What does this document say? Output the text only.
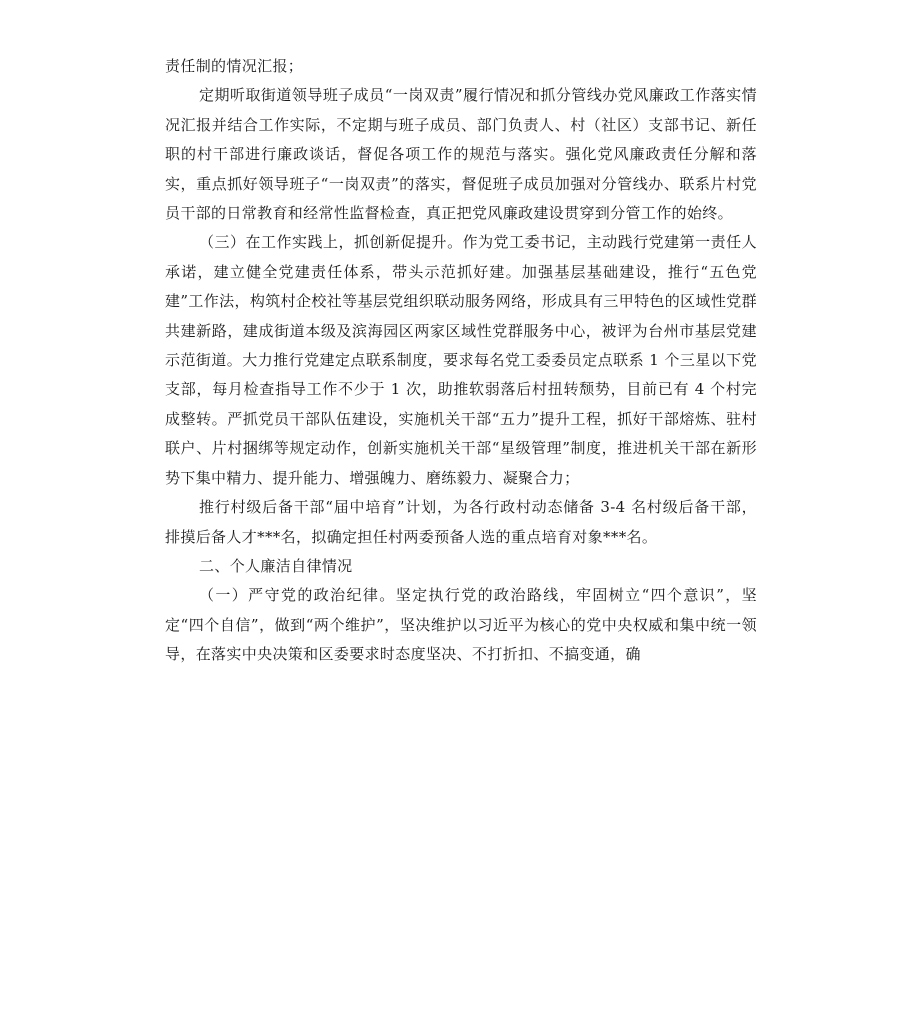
责任制的情况汇报；

定期听取街道领导班子成员“一岗双责”履行情况和抓分管线办党风廉政工作落实情况汇报并结合工作实际，不定期与班子成员、部门负责人、村（社区）支部书记、新任职的村干部进行廉政谈话，督促各项工作的规范与落实。强化党风廉政责任分解和落实，重点抓好领导班子“一岗双责”的落实，督促班子成员加强对分管线办、联系片村党员干部的日常教育和经常性监督检查，真正把党风廉政建设贯穿到分管工作的始终。

（三）在工作实践上，抓创新促提升。作为党工委书记，主动践行党建第一责任人承诺，建立健全党建责任体系，带头示范抓好建。加强基层基础建设，推行“五色党建”工作法，构筑村企校社等基层党组织联动服务网络，形成具有三甲特色的区域性党群共建新路，建成街道本级及滨海园区两家区域性党群服务中心，被评为台州市基层党建示范街道。大力推行党建定点联系制度，要求每名党工委委员定点联系 1 个三星以下党支部，每月检查指导工作不少于 1 次，助推软弱落后村扭转颓势，目前已有 4 个村完成整转。严抓党员干部队伍建设，实施机关干部“五力”提升工程，抓好干部熔炼、驻村联户、片村捆绑等规定动作，创新实施机关干部“星级管理”制度，推进机关干部在新形势下集中精力、提升能力、增强魄力、磨练毅力、凝聚合力；

推行村级后备干部“届中培育”计划，为各行政村动态储备 3-4 名村级后备干部，排摸后备人才***名，拟确定担任村两委预备人选的重点培育对象***名。

二、个人廉洁自律情况

（一）严守党的政治纪律。坚定执行党的政治路线，牢固树立“四个意识”，坚定“四个自信”，做到“两个维护”，坚决维护以习近平为核心的党中央权威和集中统一领导，在落实中央决策和区委要求时态度坚决、不打折扣、不搞变通，确
